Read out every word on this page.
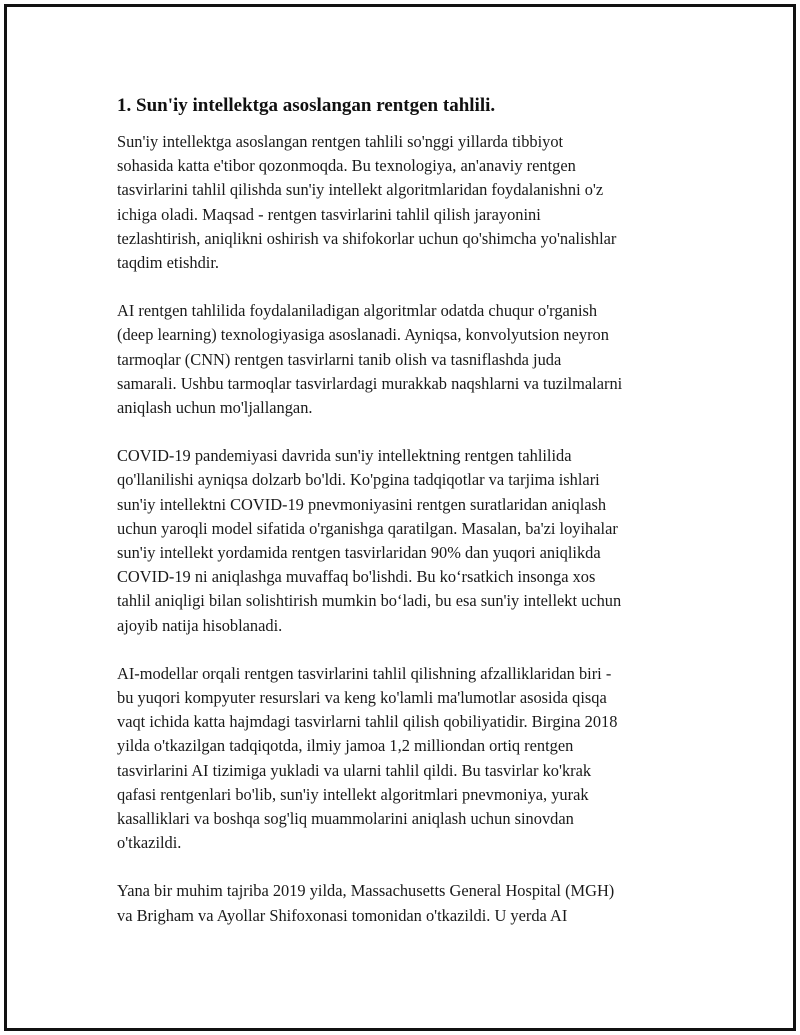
1. Sun'iy intellektga asoslangan rentgen tahlili.

Sun'iy intellektga asoslangan rentgen tahlili so'nggi yillarda tibbiyot
sohasida katta e'tibor qozonmoqda. Bu texnologiya, an'anaviy rentgen
tasvirlarini tahlil qilishda sun'iy intellekt algoritmlaridan foydalanishni o'z
ichiga oladi. Maqsad - rentgen tasvirlarini tahlil qilish jarayonini
tezlashtirish, aniqlikni oshirish va shifokorlar uchun qo'shimcha yo'nalishlar
taqdim etishdir.

AI rentgen tahlilida foydalaniladigan algoritmlar odatda chuqur o'rganish
(deep learning) texnologiyasiga asoslanadi. Ayniqsa, konvolyutsion neyron
tarmoqlar (CNN) rentgen tasvirlarni tanib olish va tasniflashda juda
samarali. Ushbu tarmoqlar tasvirlardagi murakkab naqshlarni va tuzilmalarni
aniqlash uchun mo'ljallangan.

COVID-19 pandemiyasi davrida sun'iy intellektning rentgen tahlilida
qo'llanilishi ayniqsa dolzarb bo'ldi. Ko'pgina tadqiqotlar va tarjima ishlari
sun'iy intellektni COVID-19 pnevmoniyasini rentgen suratlaridan aniqlash
uchun yaroqli model sifatida o'rganishga qaratilgan. Masalan, ba'zi loyihalar
sun'iy intellekt yordamida rentgen tasvirlaridan 90% dan yuqori aniqlikda
COVID-19 ni aniqlashga muvaffaq bo'lishdi. Bu ko‘rsatkich insonga xos
tahlil aniqligi bilan solishtirish mumkin bo‘ladi, bu esa sun'iy intellekt uchun
ajoyib natija hisoblanadi.

AI-modellar orqali rentgen tasvirlarini tahlil qilishning afzalliklaridan biri -
bu yuqori kompyuter resurslari va keng ko'lamli ma'lumotlar asosida qisqa
vaqt ichida katta hajmdagi tasvirlarni tahlil qilish qobiliyatidir. Birgina 2018
yilda o'tkazilgan tadqiqotda, ilmiy jamoa 1,2 milliondan ortiq rentgen
tasvirlarini AI tizimiga yukladi va ularni tahlil qildi. Bu tasvirlar ko'krak
qafasi rentgenlari bo'lib, sun'iy intellekt algoritmlari pnevmoniya, yurak
kasalliklari va boshqa sog'liq muammolarini aniqlash uchun sinovdan
o'tkazildi.

Yana bir muhim tajriba 2019 yilda, Massachusetts General Hospital (MGH)
va Brigham va Ayollar Shifoxonasi tomonidan o'tkazildi. U yerda AI
